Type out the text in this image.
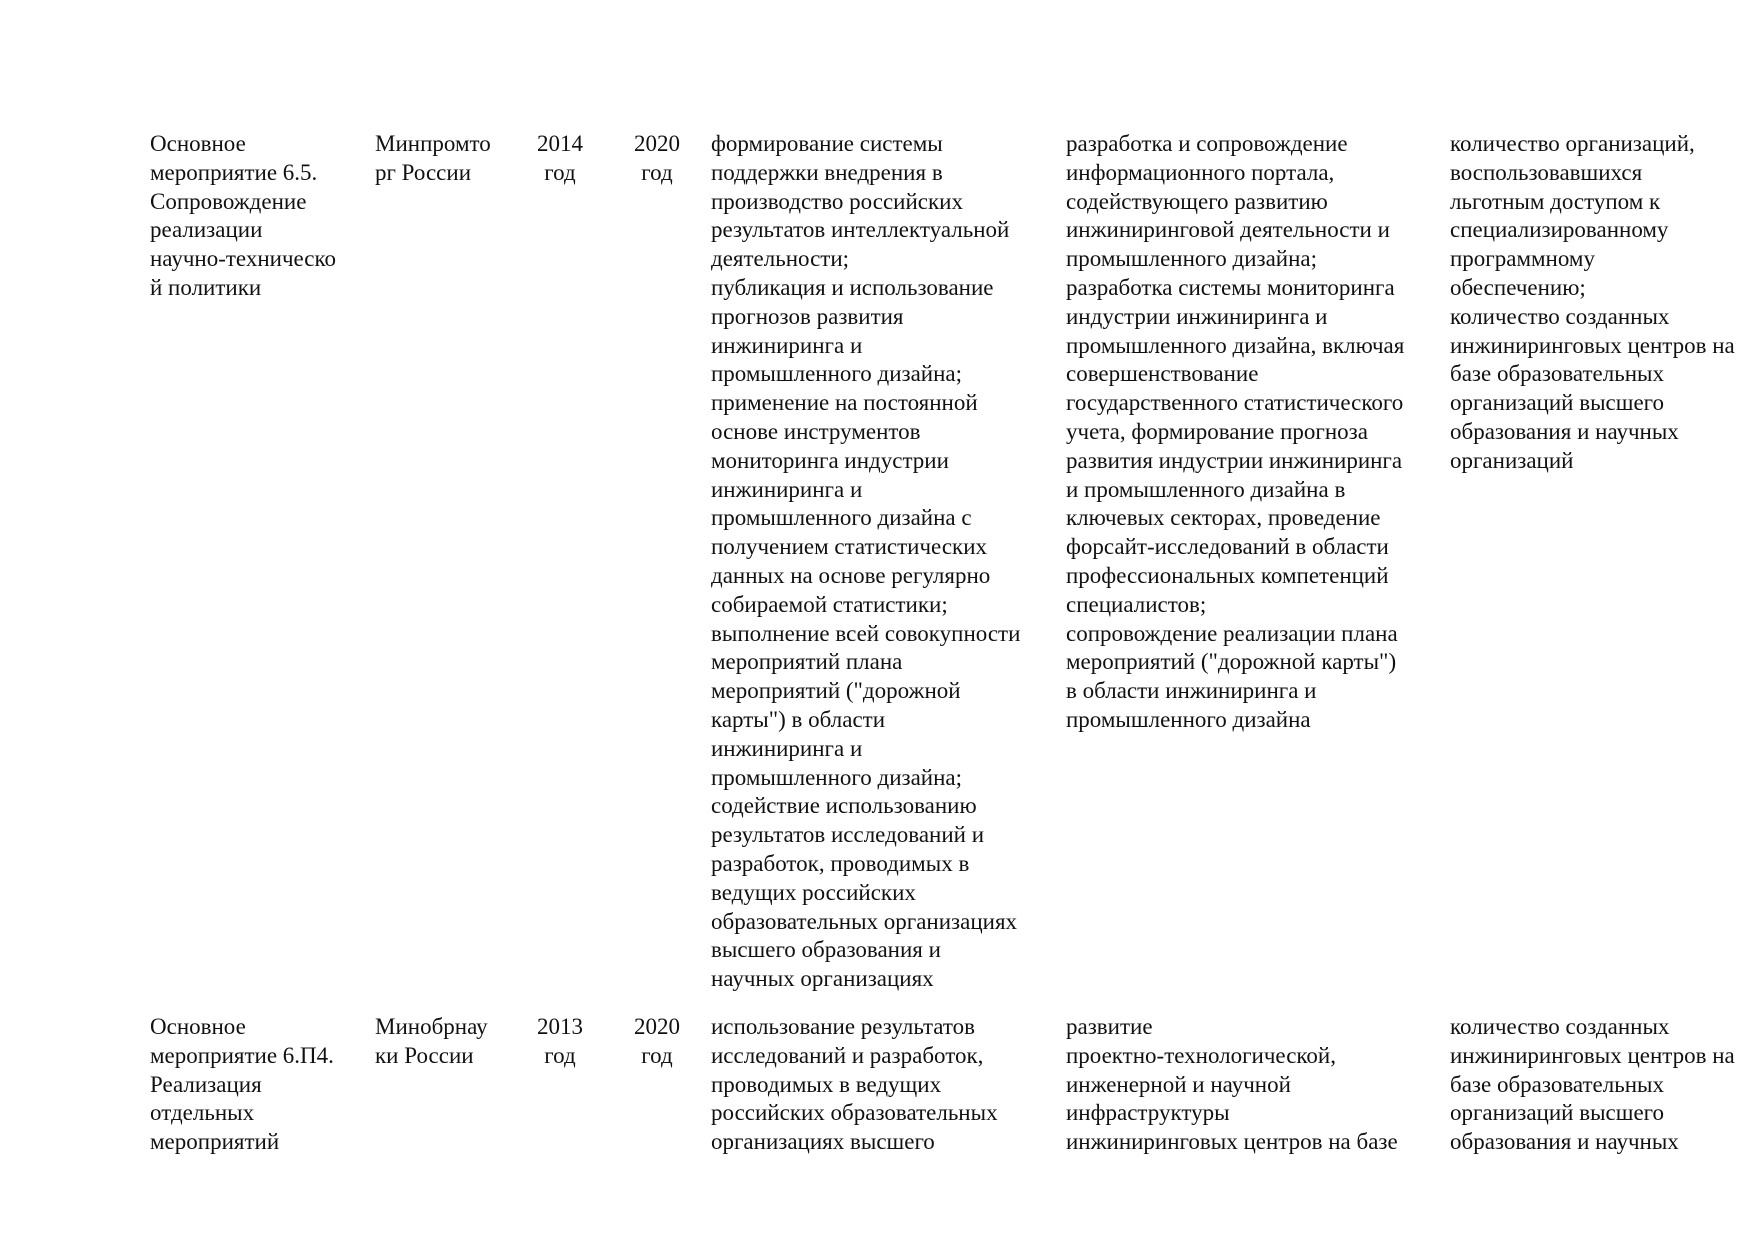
Основное
мероприятие 6.5.
Сопровождение
реализации
научно-техническо
й политики
Минпромто
рг России
2014
год
2020
год
формирование системы
поддержки внедрения в
производство российских
результатов интеллектуальной
деятельности;
публикация и использование
прогнозов развития
инжиниринга и
промышленного дизайна;
применение на постоянной
основе инструментов
мониторинга индустрии
инжиниринга и
промышленного дизайна с
получением статистических
данных на основе регулярно
собираемой статистики;
выполнение всей совокупности
мероприятий плана
мероприятий ("дорожной
карты") в области
инжиниринга и
промышленного дизайна;
содействие использованию
результатов исследований и
разработок, проводимых в
ведущих российских
образовательных организациях
высшего образования и
научных организациях
разработка и сопровождение
информационного портала,
содействующего развитию
инжиниринговой деятельности и
промышленного дизайна;
разработка системы мониторинга
индустрии инжиниринга и
промышленного дизайна, включая
совершенствование
государственного статистического
учета, формирование прогноза
развития индустрии инжиниринга
и промышленного дизайна в
ключевых секторах, проведение
форсайт-исследований в области
профессиональных компетенций
специалистов;
сопровождение реализации плана
мероприятий ("дорожной карты")
в области инжиниринга и
промышленного дизайна
количество организаций,
воспользовавшихся
льготным доступом к
специализированному
программному
обеспечению;
количество созданных
инжиниринговых центров на
базе образовательных
организаций высшего
образования и научных
организаций
Основное
мероприятие 6.П4.
Реализация
отдельных
мероприятий
Минобрнау
ки России
2013
год
2020
год
использование результатов
исследований и разработок,
проводимых в ведущих
российских образовательных
организациях высшего
развитие
проектно-технологической,
инженерной и научной
инфраструктуры
инжиниринговых центров на базе
количество созданных
инжиниринговых центров на
базе образовательных
организаций высшего
образования и научных
